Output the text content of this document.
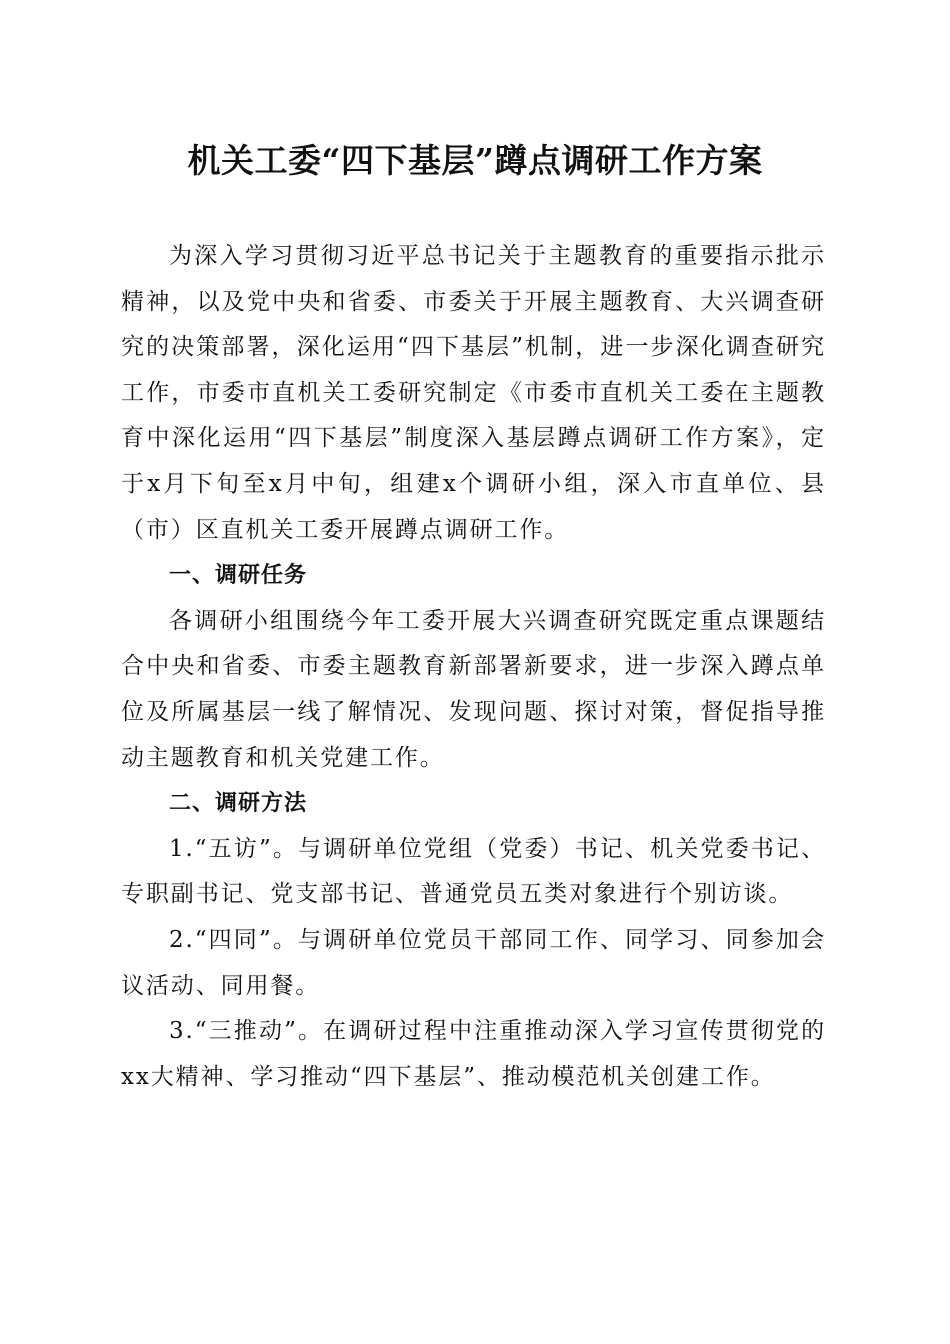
机关工委“四下基层”蹲点调研工作方案

为深入学习贯彻习近平总书记关于主题教育的重要指示批示精神，以及党中央和省委、市委关于开展主题教育、大兴调查研究的决策部署，深化运用“四下基层”机制，进一步深化调查研究工作，市委市直机关工委研究制定《市委市直机关工委在主题教育中深化运用“四下基层”制度深入基层蹲点调研工作方案》，定于x月下旬至x月中旬，组建x个调研小组，深入市直单位、县（市）区直机关工委开展蹲点调研工作。

一、调研任务

各调研小组围绕今年工委开展大兴调查研究既定重点课题结合中央和省委、市委主题教育新部署新要求，进一步深入蹲点单位及所属基层一线了解情况、发现问题、探讨对策，督促指导推动主题教育和机关党建工作。

二、调研方法

1.“五访”。与调研单位党组（党委）书记、机关党委书记、专职副书记、党支部书记、普通党员五类对象进行个别访谈。

2.“四同”。与调研单位党员干部同工作、同学习、同参加会议活动、同用餐。

3.“三推动”。在调研过程中注重推动深入学习宣传贯彻党的xx大精神、学习推动“四下基层”、推动模范机关创建工作。
